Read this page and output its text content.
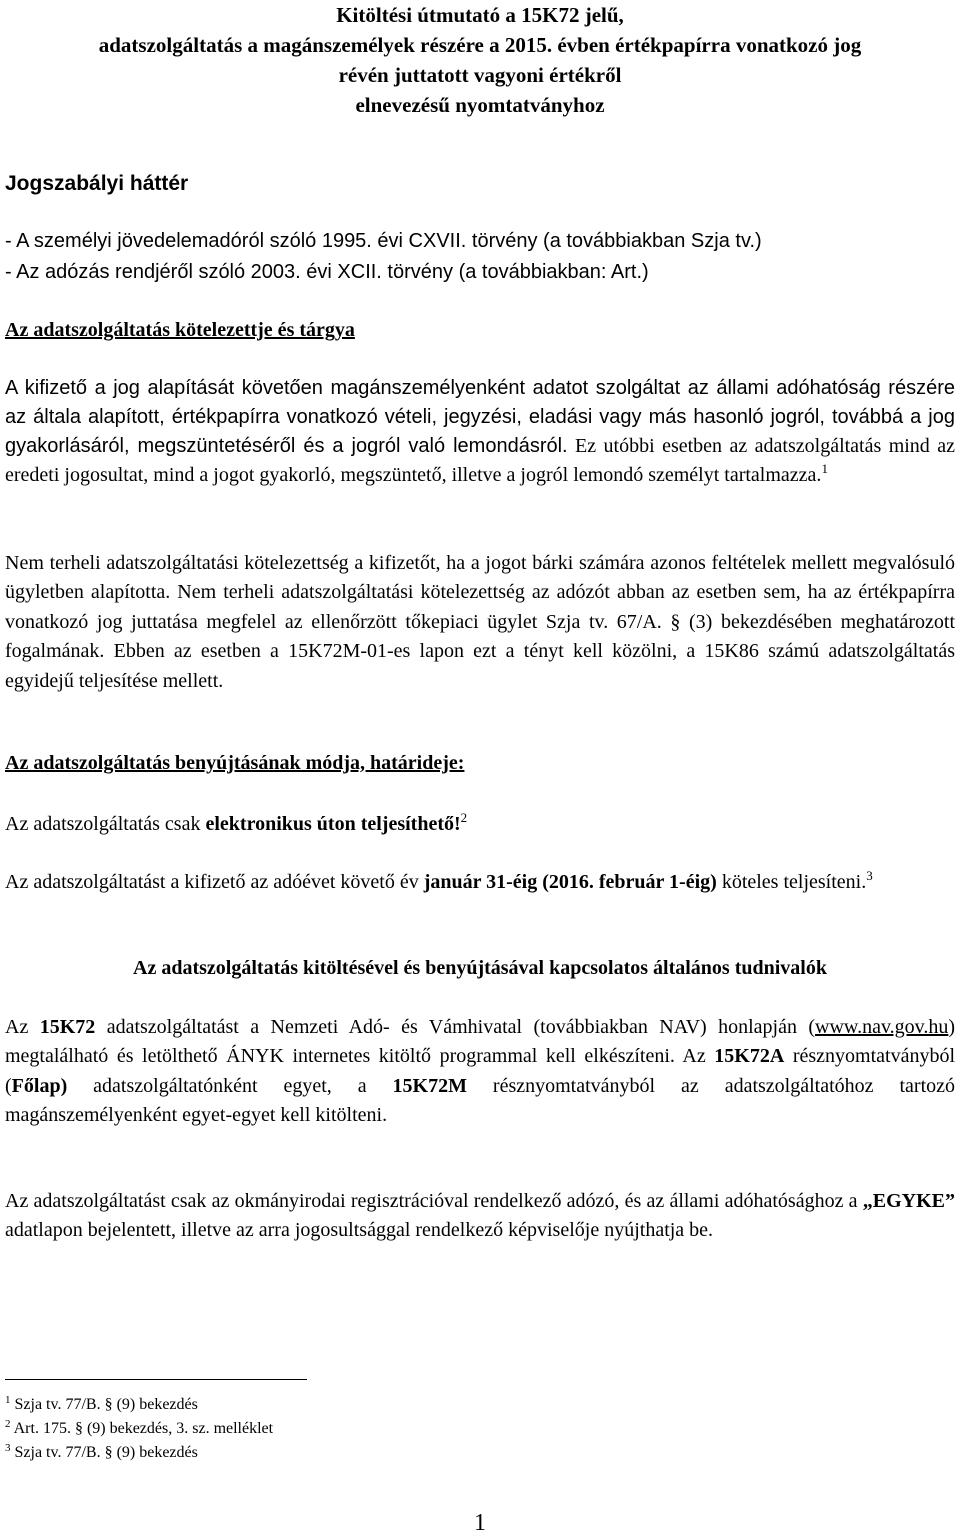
Kitöltési útmutató a 15K72 jelű,
adatszolgáltatás a magánszemélyek részére a 2015. évben értékpapírra vonatkozó jog
révén juttatott vagyoni értékről
elnevezésű nyomtatványhoz
Jogszabályi háttér
- A személyi jövedelemadóról szóló 1995. évi CXVII. törvény (a továbbiakban Szja tv.)
- Az adózás rendjéről szóló 2003. évi XCII. törvény (a továbbiakban: Art.)
Az adatszolgáltatás kötelezettje és tárgya
A kifizető a jog alapítását követően magánszemélyenként adatot szolgáltat az állami adóhatóság részére az általa alapított, értékpapírra vonatkozó vételi, jegyzési, eladási vagy más hasonló jogról, továbbá a jog gyakorlásáról, megszüntetéséről és a jogról való lemondásról. Ez utóbbi esetben az adatszolgáltatás mind az eredeti jogosultat, mind a jogot gyakorló, megszüntető, illetve a jogról lemondó személyt tartalmazza.$^1$
Nem terheli adatszolgáltatási kötelezettség a kifizetőt, ha a jogot bárki számára azonos feltételek mellett megvalósuló ügyletben alapította. Nem terheli adatszolgáltatási kötelezettség az adózót abban az esetben sem, ha az értékpapírra vonatkozó jog juttatása megfelel az ellenőrzött tőkepiaci ügylet Szja tv. 67/A. § (3) bekezdésében meghatározott fogalmának. Ebben az esetben a 15K72M-01-es lapon ezt a tényt kell közölni, a 15K86 számú adatszolgáltatás egyidejű teljesítése mellett.
Az adatszolgáltatás benyújtásának módja, határideje:
Az adatszolgáltatás csak elektronikus úton teljesíthető!$^2$
Az adatszolgáltatást a kifizető az adóévet követő év január 31-éig (2016. február 1-éig) köteles teljesíteni.$^3$
Az adatszolgáltatás kitöltésével és benyújtásával kapcsolatos általános tudnivalók
Az 15K72 adatszolgáltatást a Nemzeti Adó- és Vámhivatal (továbbiakban NAV) honlapján (www.nav.gov.hu) megtalálható és letölthető ÁNYK internetes kitöltő programmal kell elkészíteni. Az 15K72A résznyomtatványból (Főlap) adatszolgáltatónként egyet, a 15K72M résznyomtatványból az adatszolgáltatóhoz tartozó magánszemélyenként egyet-egyet kell kitölteni.
Az adatszolgáltatást csak az okmányirodai regisztrációval rendelkező adózó, és az állami adóhatósághoz a „EGYKE” adatlapon bejelentett, illetve az arra jogosultsággal rendelkező képviselője nyújthatja be.
$^1$ Szja tv. 77/B. § (9) bekezdés
$^2$ Art. 175. § (9) bekezdés, 3. sz. melléklet
$^3$ Szja tv. 77/B. § (9) bekezdés
1
